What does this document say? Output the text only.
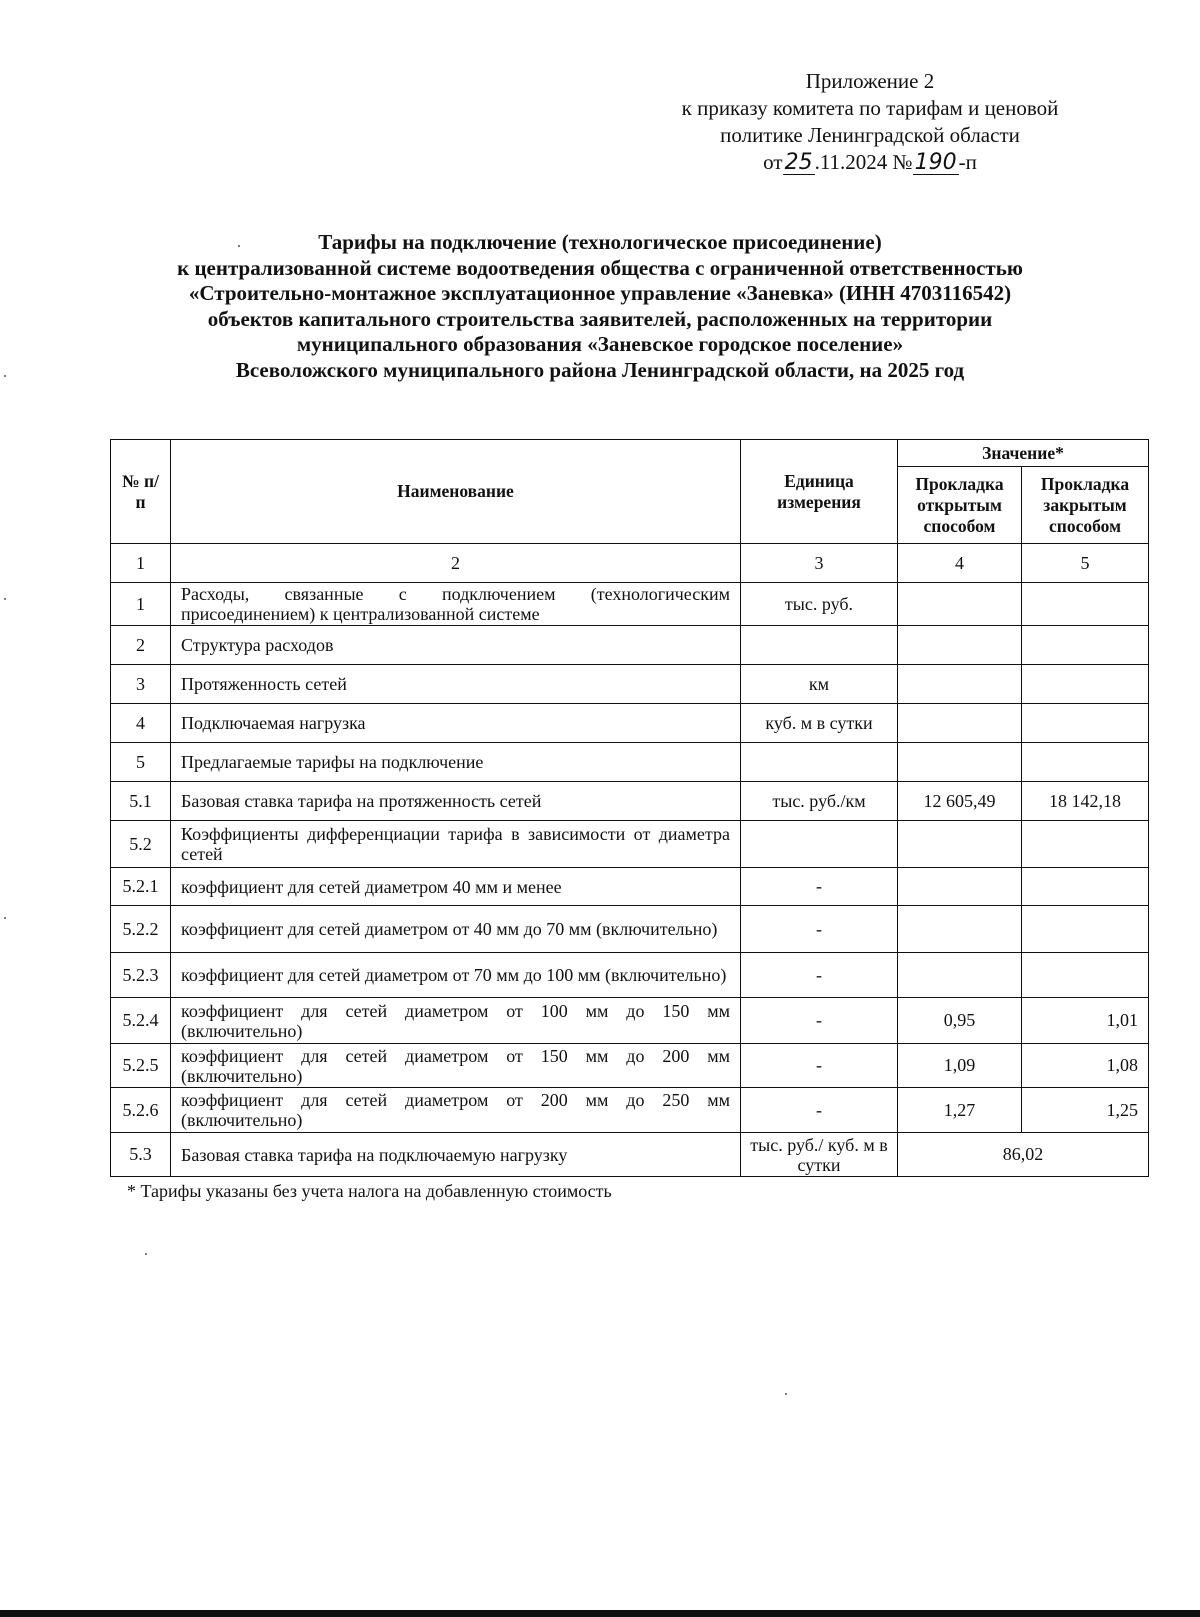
Приложение 2
к приказу комитета по тарифам и ценовой
политике Ленинградской области
от25.11.2024 №190-п
Тарифы на подключение (технологическое присоединение)
к централизованной системе водоотведения общества с ограниченной ответственностью
«Строительно-монтажное эксплуатационное управление «Заневка» (ИНН 4703116542)
объектов капитального строительства заявителей, расположенных на территории
муниципального образования «Заневское городское поселение»
Всеволожского муниципального района Ленинградской области, на 2025 год
№ п/п	Наименование	Единица измерения	Значение*	
			Прокладка открытым способом	Прокладка закрытым способом
1	2	3	4	5
1	Расходы, связанные с подключением (технологическим присоединением) к централизованной системе	тыс. руб.		
2	Структура расходов			
3	Протяженность сетей	км		
4	Подключаемая нагрузка	куб. м в сутки		
5	Предлагаемые тарифы на подключение			
5.1	Базовая ставка тарифа на протяженность сетей	тыс. руб./км	12 605,49	18 142,18
5.2	Коэффициенты дифференциации тарифа в зависимости от диаметра сетей			
5.2.1	коэффициент для сетей диаметром 40 мм и менее	-		
5.2.2	коэффициент для сетей диаметром от 40 мм до 70 мм (включительно)	-		
5.2.3	коэффициент для сетей диаметром от 70 мм до 100 мм (включительно)	-		
5.2.4	коэффициент для сетей диаметром от 100 мм до 150 мм (включительно)	-	0,95	1,01
5.2.5	коэффициент для сетей диаметром от 150 мм до 200 мм (включительно)	-	1,09	1,08
5.2.6	коэффициент для сетей диаметром от 200 мм до 250 мм (включительно)	-	1,27	1,25
5.3	Базовая ставка тарифа на подключаемую нагрузку	тыс. руб./ куб. м в сутки	86,02	
* Тарифы указаны без учета налога на добавленную стоимость
